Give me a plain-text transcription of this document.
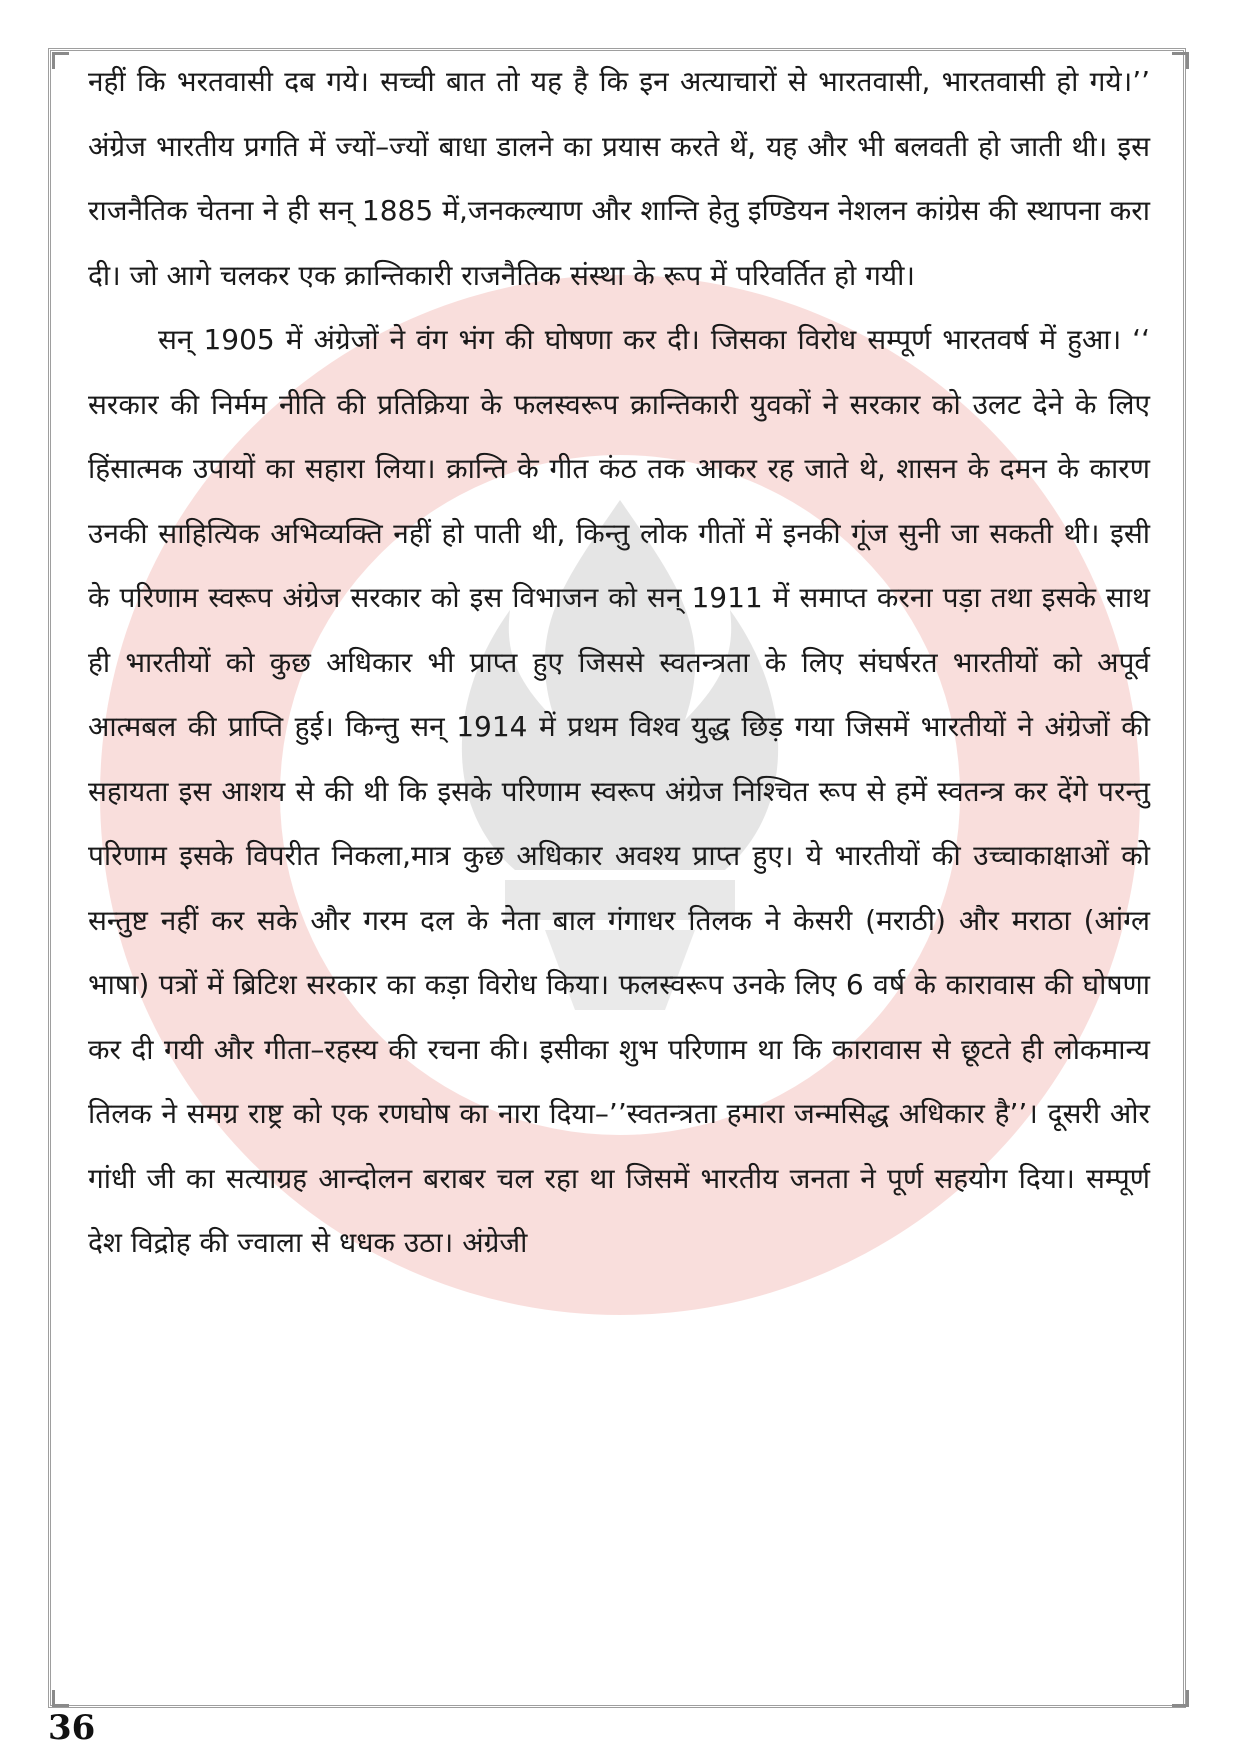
नहीं कि भरतवासी दब गये। सच्ची बात तो यह है कि इन अत्याचारों से भारतवासी, भारतवासी हो गये।’’ अंग्रेज भारतीय प्रगति में ज्यों–ज्यों बाधा डालने का प्रयास करते थें, यह और भी बलवती हो जाती थी। इस राजनैतिक चेतना ने ही सन् 1885 में,जनकल्याण और शान्ति हेतु इण्डियन नेशलन कांग्रेस की स्थापना करा दी। जो आगे चलकर एक क्रान्तिकारी राजनैतिक संस्था के रूप में परिवर्तित हो गयी।

सन् 1905 में अंग्रेजों ने वंग भंग की घोषणा कर दी। जिसका विरोध सम्पूर्ण भारतवर्ष में हुआ। ‘‘ सरकार की निर्मम नीति की प्रतिक्रिया के फलस्वरूप क्रान्तिकारी युवकों ने सरकार को उलट देने के लिए हिंसात्मक उपायों का सहारा लिया। क्रान्ति के गीत कंठ तक आकर रह जाते थे, शासन के दमन के कारण उनकी साहित्यिक अभिव्यक्ति नहीं हो पाती थी, किन्तु लोक गीतों में इनकी गूंज सुनी जा सकती थी। इसी के परिणाम स्वरूप अंग्रेज सरकार को इस विभाजन को सन् 1911 में समाप्त करना पड़ा तथा इसके साथ ही भारतीयों को कुछ अधिकार भी प्राप्त हुए जिससे स्वतन्त्रता के लिए संघर्षरत भारतीयों को अपूर्व आत्मबल की प्राप्ति हुई। किन्तु सन् 1914 में प्रथम विश्व युद्ध छिड़ गया जिसमें भारतीयों ने अंग्रेजों की सहायता इस आशय से की थी कि इसके परिणाम स्वरूप अंग्रेज निश्चित रूप से हमें स्वतन्त्र कर देंगे परन्तु परिणाम इसके विपरीत निकला,मात्र कुछ अधिकार अवश्य प्राप्त हुए। ये भारतीयों की उच्चाकाक्षाओं को सन्तुष्ट नहीं कर सके और गरम दल के नेता बाल गंगाधर तिलक ने केसरी (मराठी) और मराठा (आंग्ल भाषा) पत्रों में ब्रिटिश सरकार का कड़ा विरोध किया। फलस्वरूप उनके लिए 6 वर्ष के कारावास की घोषणा कर दी गयी और गीता–रहस्य की रचना की। इसीका शुभ परिणाम था कि कारावास से छूटते ही लोकमान्य तिलक ने समग्र राष्ट्र को एक रणघोष का नारा दिया–’’स्वतन्त्रता हमारा जन्मसिद्ध अधिकार है’’। दूसरी ओर गांधी जी का सत्याग्रह आन्दोलन बराबर चल रहा था जिसमें भारतीय जनता ने पूर्ण सहयोग दिया। सम्पूर्ण देश विद्रोह की ज्वाला से धधक उठा। अंग्रेजी

36
